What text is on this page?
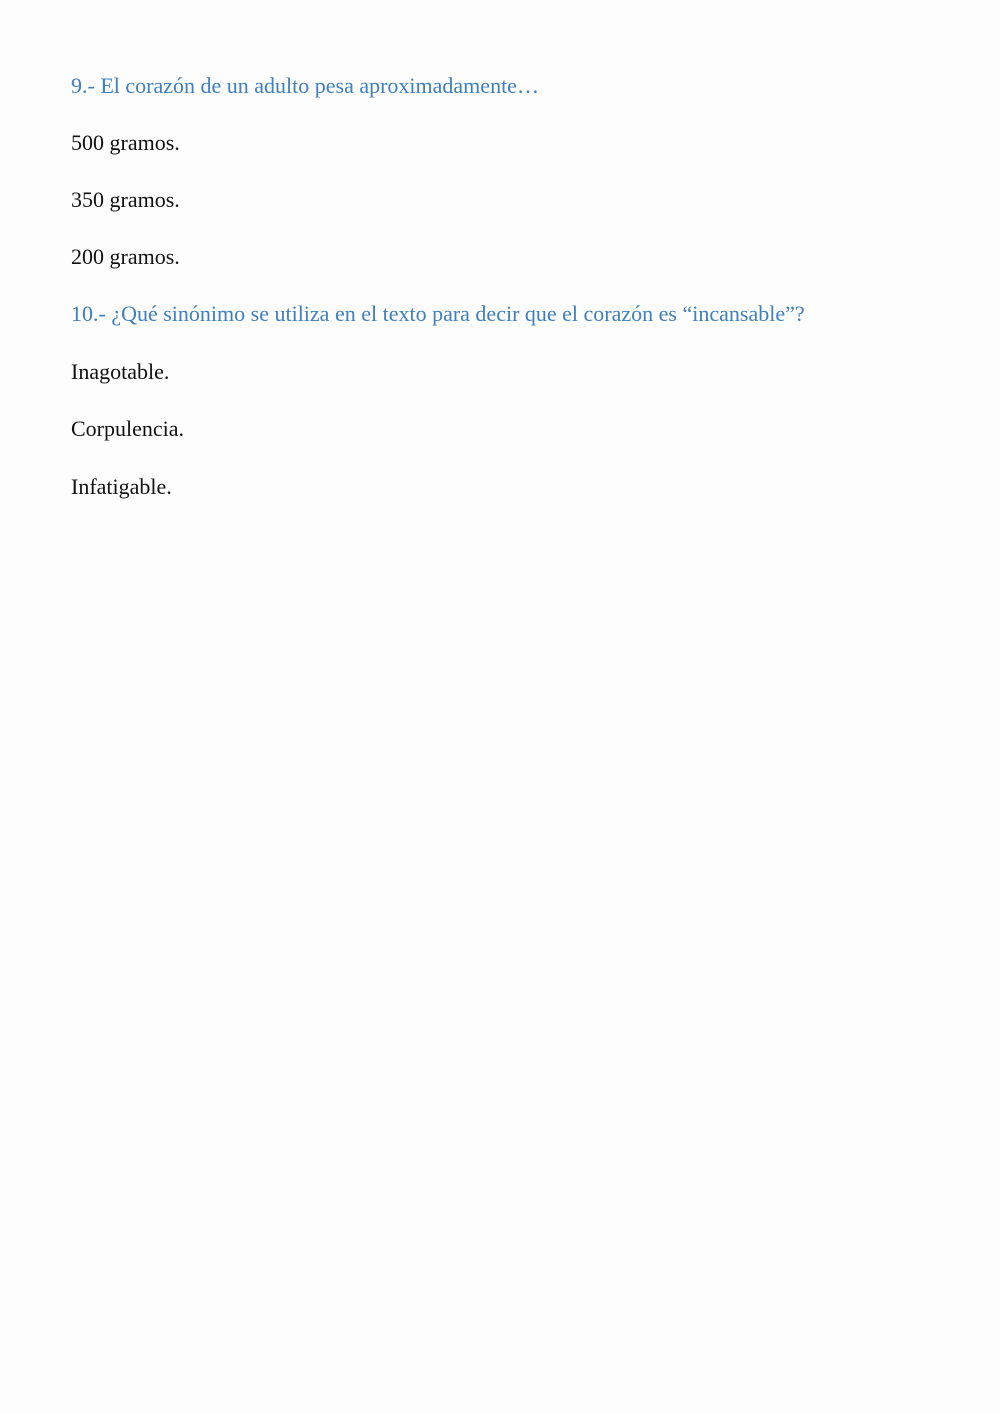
9.- El corazón de un adulto pesa aproximadamente…
500 gramos.
350 gramos.
200 gramos.
10.- ¿Qué sinónimo se utiliza en el texto para decir que el corazón es “incansable”?
Inagotable.
Corpulencia.
Infatigable.
